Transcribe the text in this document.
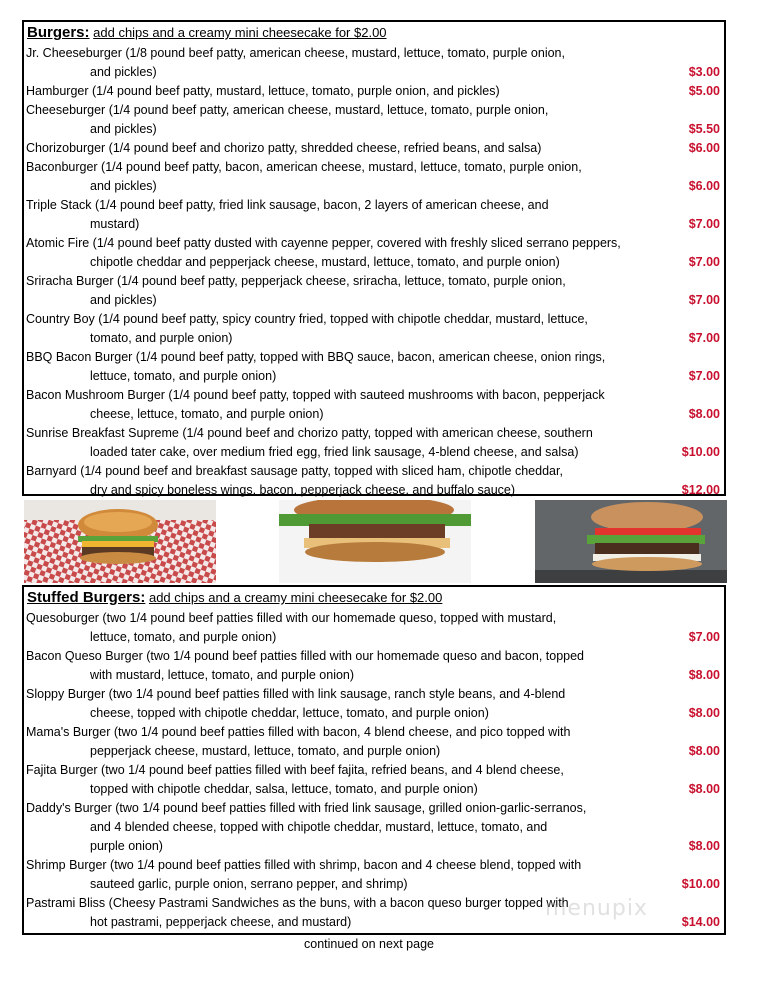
Burgers: add chips and a creamy mini cheesecake for $2.00
Jr. Cheeseburger (1/8 pound beef patty, american cheese, mustard, lettuce, tomato, purple onion,
and pickles)	$3.00
Hamburger (1/4 pound beef patty, mustard, lettuce, tomato, purple onion, and pickles)	$5.00
Cheeseburger (1/4 pound beef patty, american cheese, mustard, lettuce, tomato, purple onion,
and pickles)	$5.50
Chorizoburger (1/4 pound beef and chorizo patty, shredded cheese, refried beans, and salsa)	$6.00
Baconburger (1/4 pound beef patty, bacon, american cheese, mustard, lettuce, tomato, purple onion,
and pickles)	$6.00
Triple Stack (1/4 pound beef patty, fried link sausage, bacon, 2 layers of american cheese, and
mustard)	$7.00
Atomic Fire (1/4 pound beef patty dusted with cayenne pepper, covered with freshly sliced serrano peppers,
chipotle cheddar and pepperjack cheese, mustard, lettuce, tomato, and purple onion)	$7.00
Sriracha Burger (1/4 pound beef patty, pepperjack cheese, sriracha, lettuce, tomato, purple onion,
and pickles)	$7.00
Country Boy (1/4 pound beef patty, spicy country fried, topped with chipotle cheddar, mustard, lettuce,
tomato, and purple onion)	$7.00
BBQ Bacon Burger (1/4 pound beef patty, topped with BBQ sauce, bacon, american cheese, onion rings,
lettuce, tomato, and purple onion)	$7.00
Bacon Mushroom Burger (1/4 pound beef patty, topped with sauteed mushrooms with bacon, pepperjack
cheese, lettuce, tomato, and purple onion)	$8.00
Sunrise Breakfast Supreme (1/4 pound beef and chorizo patty, topped with american cheese, southern
loaded tater cake, over medium fried egg, fried link sausage, 4-blend cheese, and salsa)	$10.00
Barnyard (1/4 pound beef and breakfast sausage patty, topped with sliced ham, chipotle cheddar,
dry and spicy boneless wings, bacon, pepperjack cheese, and buffalo sauce)	$12.00
Stuffed Burgers: add chips and a creamy mini cheesecake for $2.00
Quesoburger (two 1/4 pound beef patties filled with our homemade queso, topped with mustard,
lettuce, tomato, and purple onion)	$7.00
Bacon Queso Burger (two 1/4 pound beef patties filled with our homemade queso and bacon, topped
with mustard, lettuce, tomato, and purple onion)	$8.00
Sloppy Burger (two 1/4 pound beef patties filled with link sausage, ranch style beans, and 4-blend
cheese, topped with chipotle cheddar, lettuce, tomato, and purple onion)	$8.00
Mama's Burger (two 1/4 pound beef patties filled with bacon, 4 blend cheese, and pico topped with
pepperjack cheese, mustard, lettuce, tomato, and purple onion)	$8.00
Fajita Burger (two 1/4 pound beef patties filled with beef fajita, refried beans, and 4 blend cheese,
topped with chipotle cheddar, salsa, lettuce, tomato, and purple onion)	$8.00
Daddy's Burger (two 1/4 pound beef patties filled with fried link sausage, grilled onion-garlic-serranos,
and 4 blended cheese, topped with chipotle cheddar, mustard, lettuce, tomato, and
purple onion)	$8.00
Shrimp Burger (two 1/4 pound beef patties filled with shrimp, bacon and 4 cheese blend, topped with
sauteed garlic, purple onion, serrano pepper, and shrimp)	$10.00
Pastrami Bliss (Cheesy Pastrami Sandwiches as the buns, with a bacon queso burger topped with
hot pastrami, pepperjack cheese, and mustard)	$14.00
menupix
continued on next page
